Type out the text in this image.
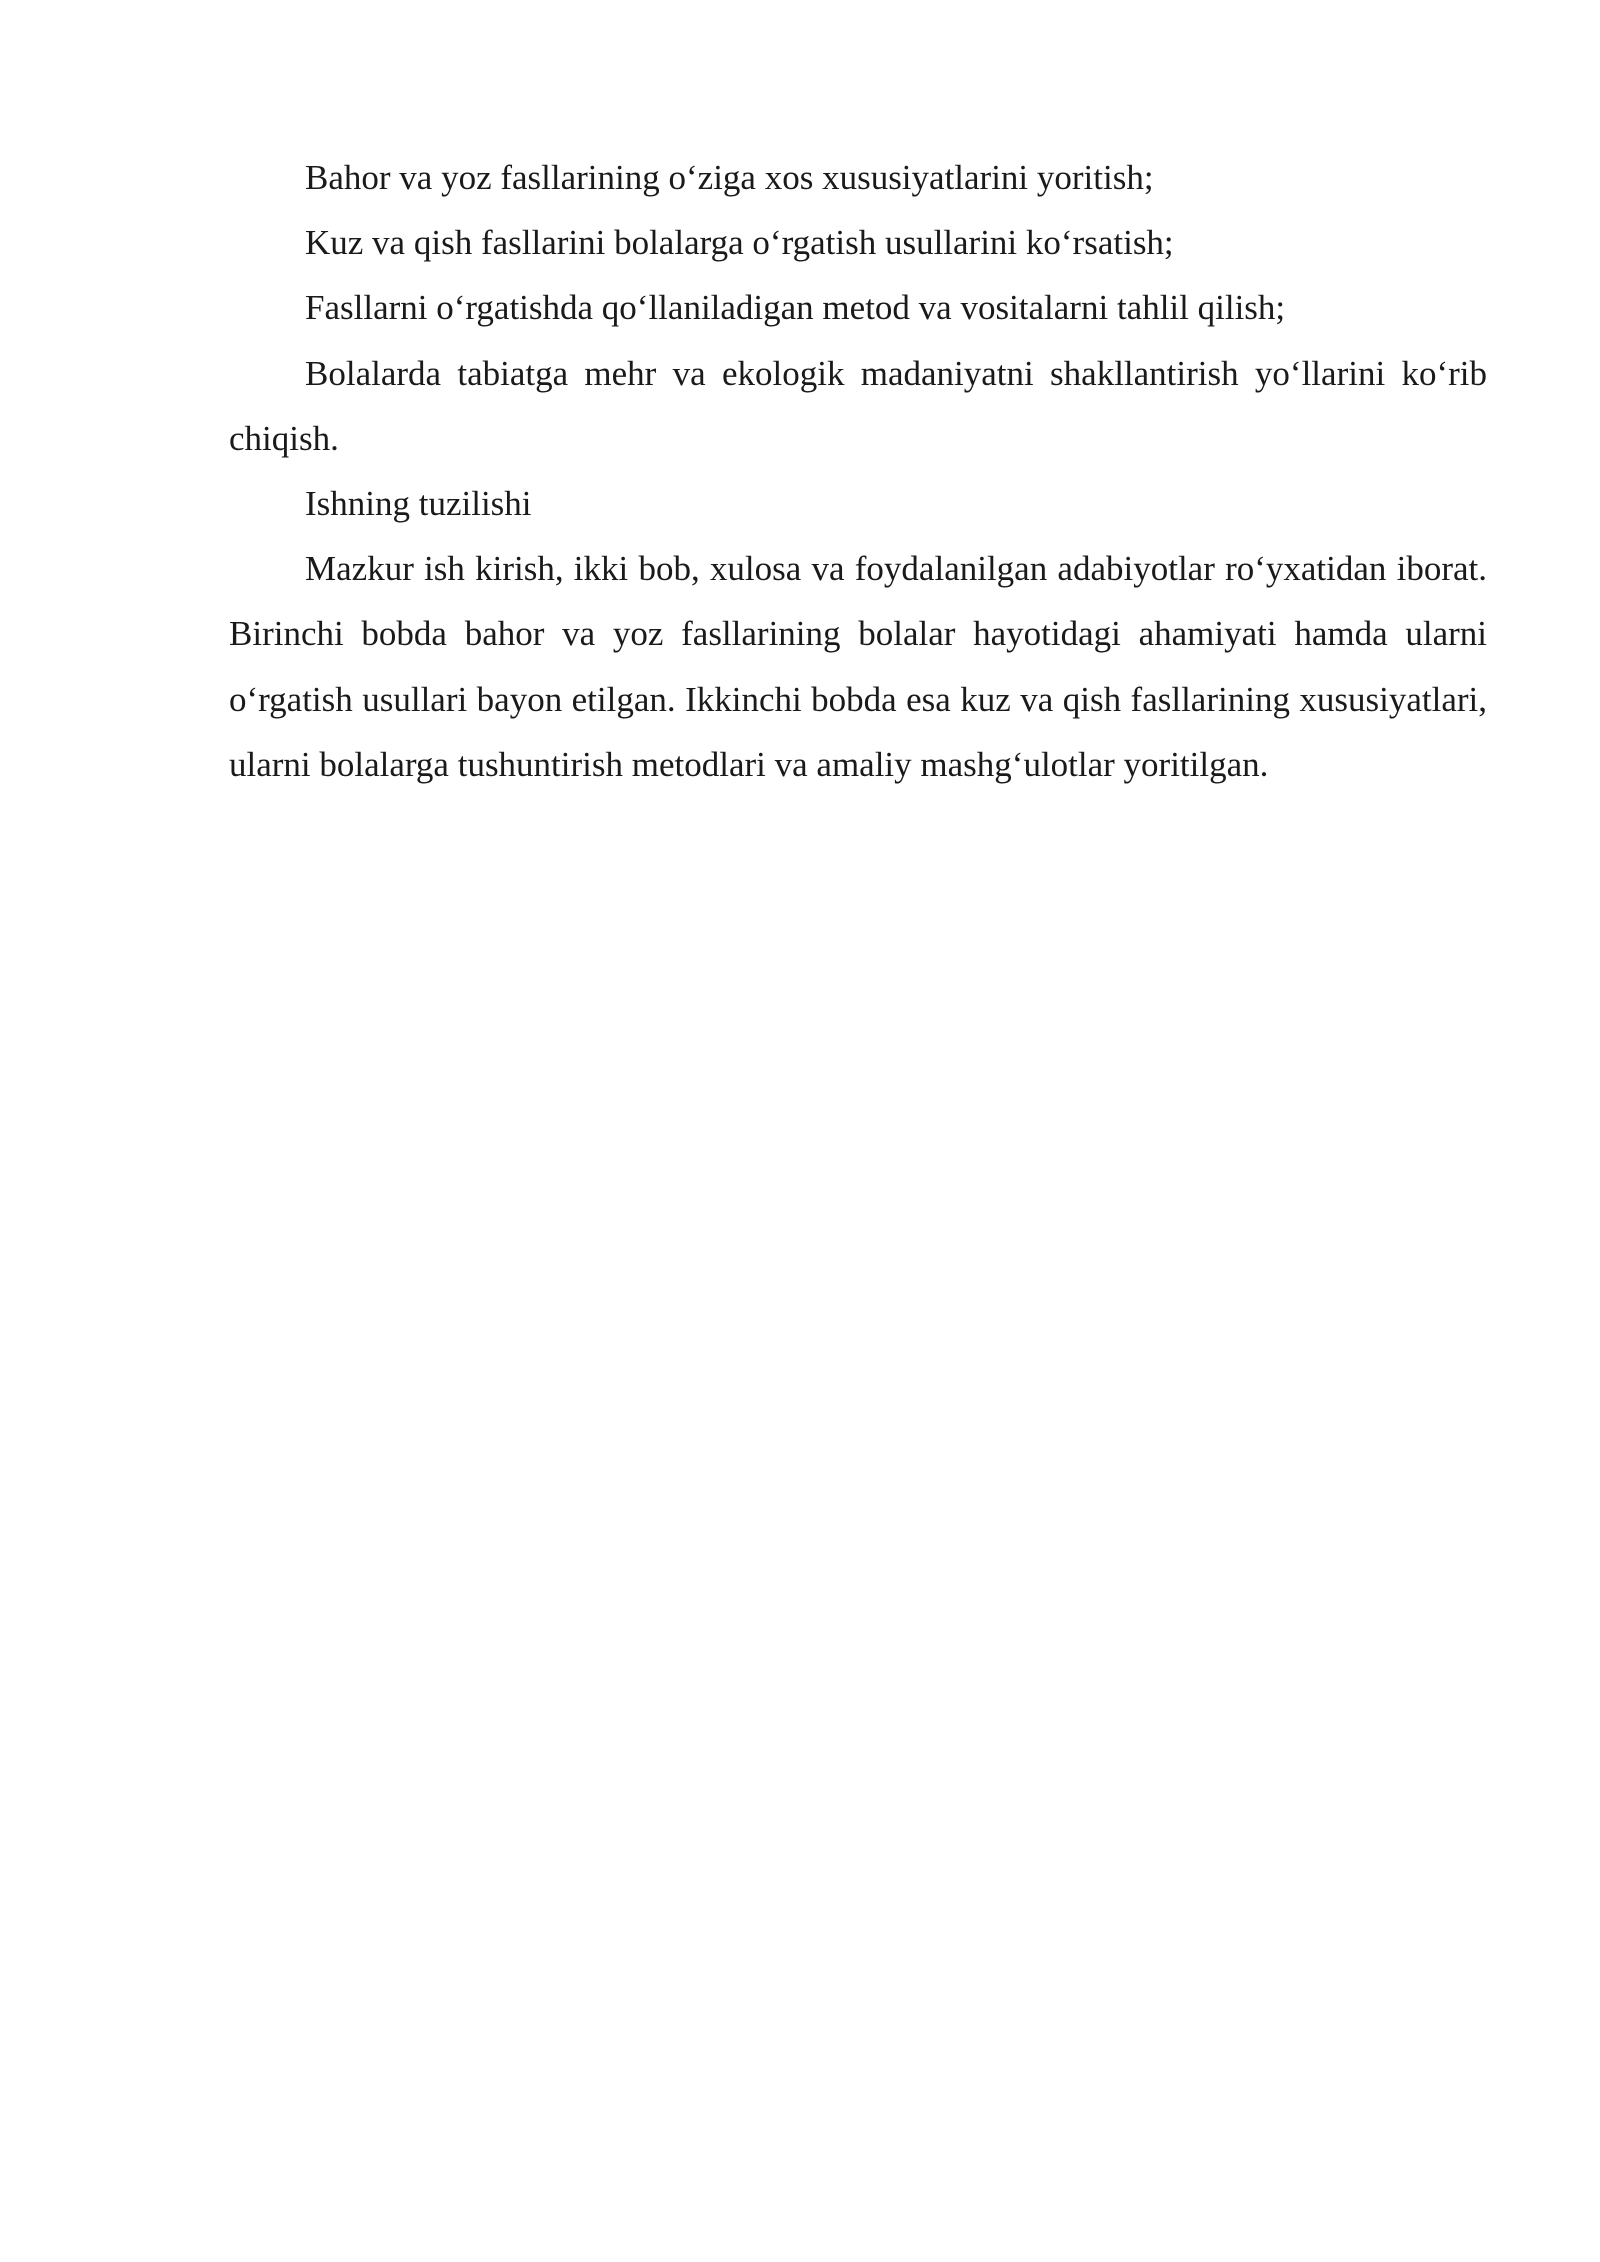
Bahor va yoz fasllarining o‘ziga xos xususiyatlarini yoritish;

Kuz va qish fasllarini bolalarga o‘rgatish usullarini ko‘rsatish;

Fasllarni o‘rgatishda qo‘llaniladigan metod va vositalarni tahlil qilish;

Bolalarda tabiatga mehr va ekologik madaniyatni shakllantirish yo‘llarini ko‘rib chiqish.

Ishning tuzilishi

Mazkur ish kirish, ikki bob, xulosa va foydalanilgan adabiyotlar ro‘yxatidan iborat. Birinchi bobda bahor va yoz fasllarining bolalar hayotidagi ahamiyati hamda ularni o‘rgatish usullari bayon etilgan. Ikkinchi bobda esa kuz va qish fasllarining xususiyatlari, ularni bolalarga tushuntirish metodlari va amaliy mashg‘ulotlar yoritilgan.
